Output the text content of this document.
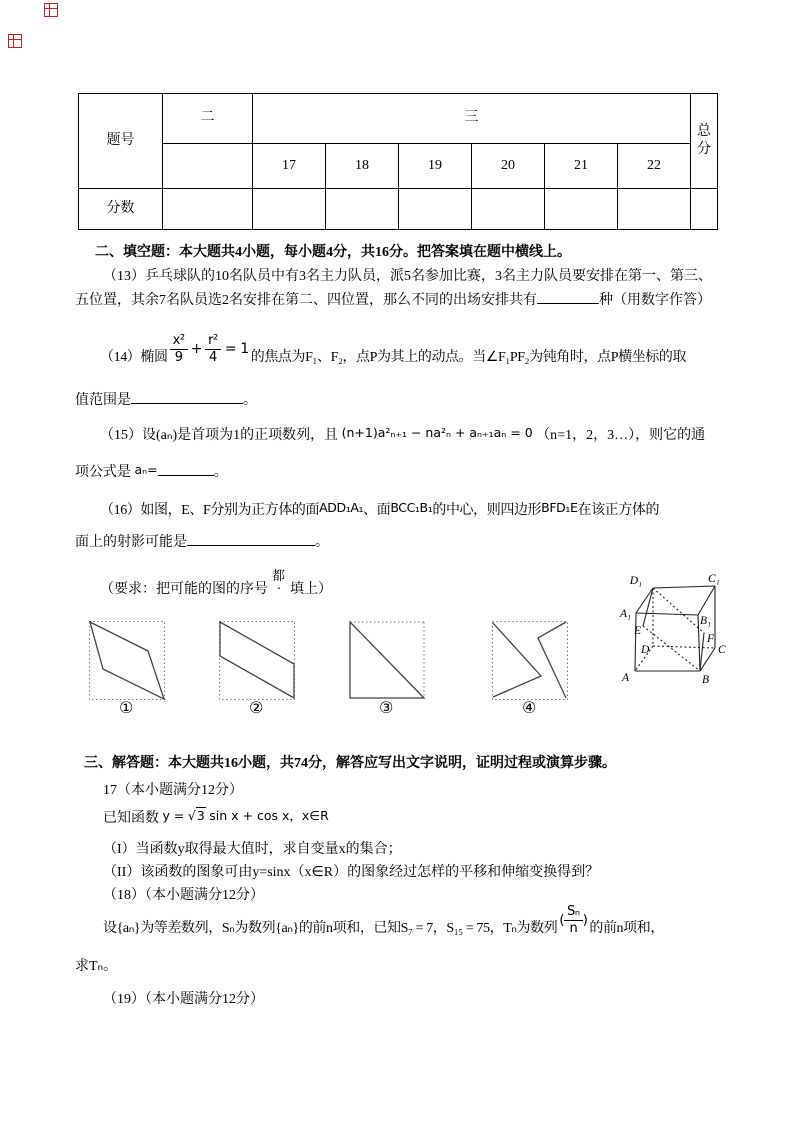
题号	二	三						总分
		17	18	19	20	21	22	
分数								
二、填空题：本大题共4小题，每小题4分，共16分。把答案填在题中横线上。
（13）乒乓球队的10名队员中有3名主力队员，派5名参加比赛，3名主力队员要安排在第一、第三、
五位置，其余7名队员选2名安排在第二、四位置，那么不同的出场安排共有	种（用数字作答）
（14）椭圆 $\frac{\text{x²}}{9} + \frac{\text{r²}}{4} = 1$
的焦点为F₁、F₂，点P为其上的动点。当∠F₁PF₂为钝角时，点P横坐标的取
值范围是	。
（15）设(aₙ)是首项为1的正项数列，且 (n+1)a²ₙ₊₁ − na²ₙ + aₙ₊₁aₙ = 0 （n=1，2，3…），则它的通
项公式是 aₙ=	。
（16）如图，E、F分别为正方体的面ADD₁A₁、面BCC₁B₁的中心，则四边形BFD₁E在该正方体的
面上的射影可能是	。
（要求：把可能的图的序号 ·
都
填上）
D₁	C₁
A₁
B₁
E
F
D	C
A	B
①	②	③	④
三、解答题：本大题共16小题，共74分，解答应写出文字说明，证明过程或演算步骤。
17（本小题满分12分）
已知函数 y = √3 sin x + cos x，x∈R
（I）当函数y取得最大值时，求自变量x的集合；
（II）该函数的图象可由y=sinx（x∈R）的图象经过怎样的平移和伸缩变换得到？
（18）（本小题满分12分）
设{aₙ}为等差数列，Sₙ为数列{aₙ}的前n项和，已知S₇ = 7，S₁₅ = 75，Tₙ为数列
( $\frac{\text{Sₙ}}{n}$ )
的前n项和，
求Tₙ。
（19）（本小题满分12分）
